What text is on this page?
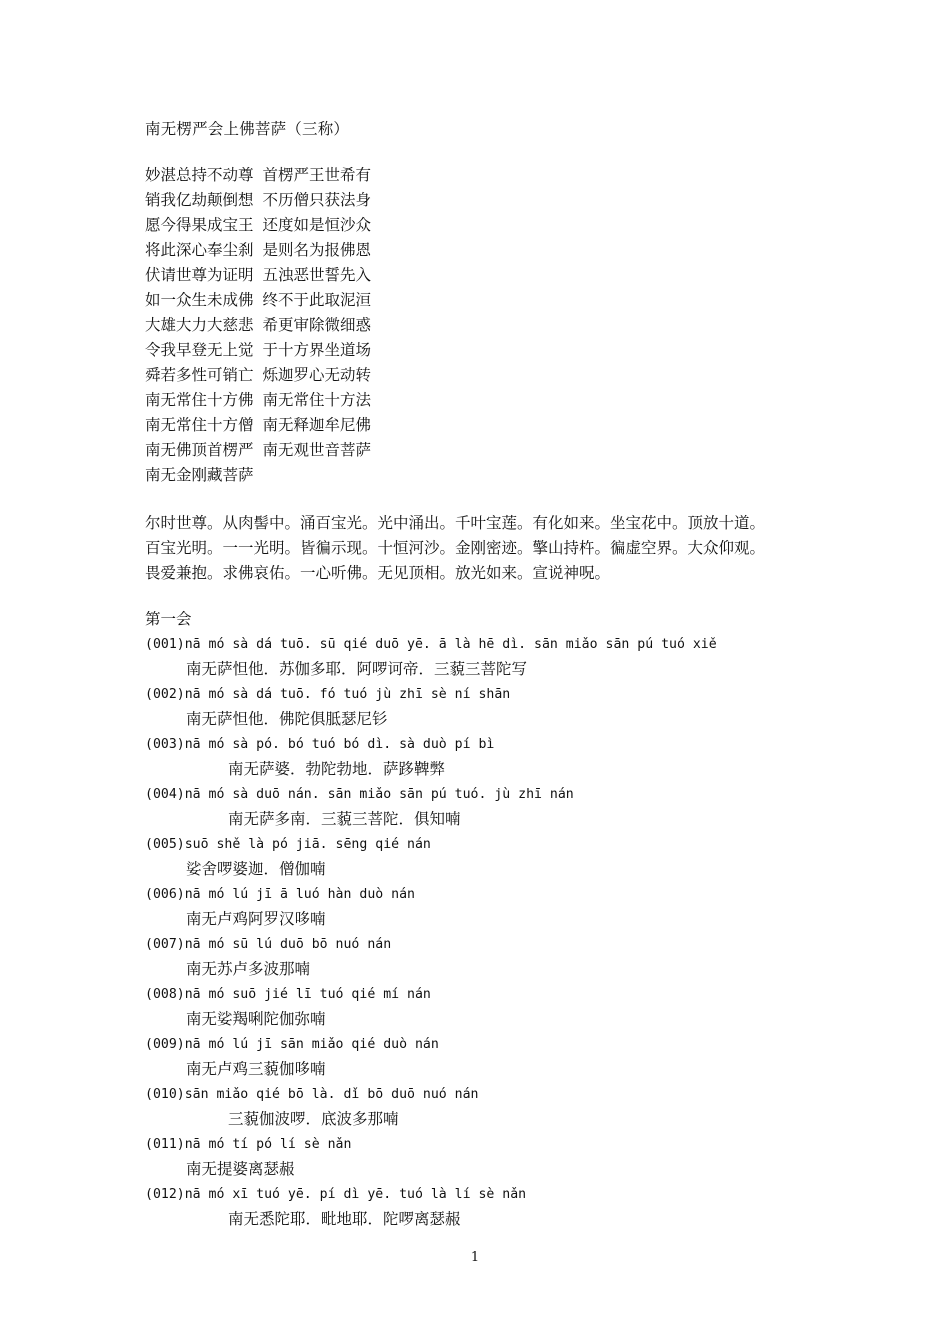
南无楞严会上佛菩萨（三称）
妙湛总持不动尊 首楞严王世希有
销我亿劫颠倒想 不历僧只获法身
愿今得果成宝王 还度如是恒沙众
将此深心奉尘刹 是则名为报佛恩
伏请世尊为证明 五浊恶世誓先入
如一众生未成佛 终不于此取泥洹
大雄大力大慈悲 希更审除微细惑
令我早登无上觉 于十方界坐道场
舜若多性可销亡 烁迦罗心无动转
南无常住十方佛 南无常住十方法
南无常住十方僧 南无释迦牟尼佛
南无佛顶首楞严 南无观世音菩萨
南无金刚藏菩萨
尔时世尊。从肉髻中。涌百宝光。光中涌出。千叶宝莲。有化如来。坐宝花中。顶放十道。
百宝光明。一一光明。皆徧示现。十恒河沙。金刚密迹。擎山持杵。徧虚空界。大众仰观。
畏爱兼抱。求佛哀佑。一心听佛。无见顶相。放光如来。宣说神呪。
第一会
(001)nā mó sà dá tuō. sū qié duō yē. ā là hē dì. sān miǎo sān pú tuó xiě
南无萨怛他．苏伽多耶．阿啰诃帝．三藐三菩陀写
(002)nā mó sà dá tuō. fó tuó jù zhī sè ní shān
南无萨怛他．佛陀俱胝瑟尼钐
(003)nā mó sà pó. bó tuó bó dì. sà duò pí bì
南无萨婆．勃陀勃地．萨跢鞞弊
(004)nā mó sà duō nán. sān miǎo sān pú tuó. jù zhī nán
南无萨多南．三藐三菩陀．俱知喃
(005)suō shě là pó jiā. sēng qié nán
娑舍啰婆迦．僧伽喃
(006)nā mó lú jī ā luó hàn duò nán
南无卢鸡阿罗汉哆喃
(007)nā mó sū lú duō bō nuó nán
南无苏卢多波那喃
(008)nā mó suō jié lī tuó qié mí nán
南无娑羯唎陀伽弥喃
(009)nā mó lú jī sān miǎo qié duò nán
南无卢鸡三藐伽哆喃
(010)sān miǎo qié bō là. dǐ bō duō nuó nán
三藐伽波啰．底波多那喃
(011)nā mó tí pó lí sè nǎn
南无提婆离瑟赧
(012)nā mó xī tuó yē. pí dì yē. tuó là lí sè nǎn
南无悉陀耶．毗地耶．陀啰离瑟赧
1
